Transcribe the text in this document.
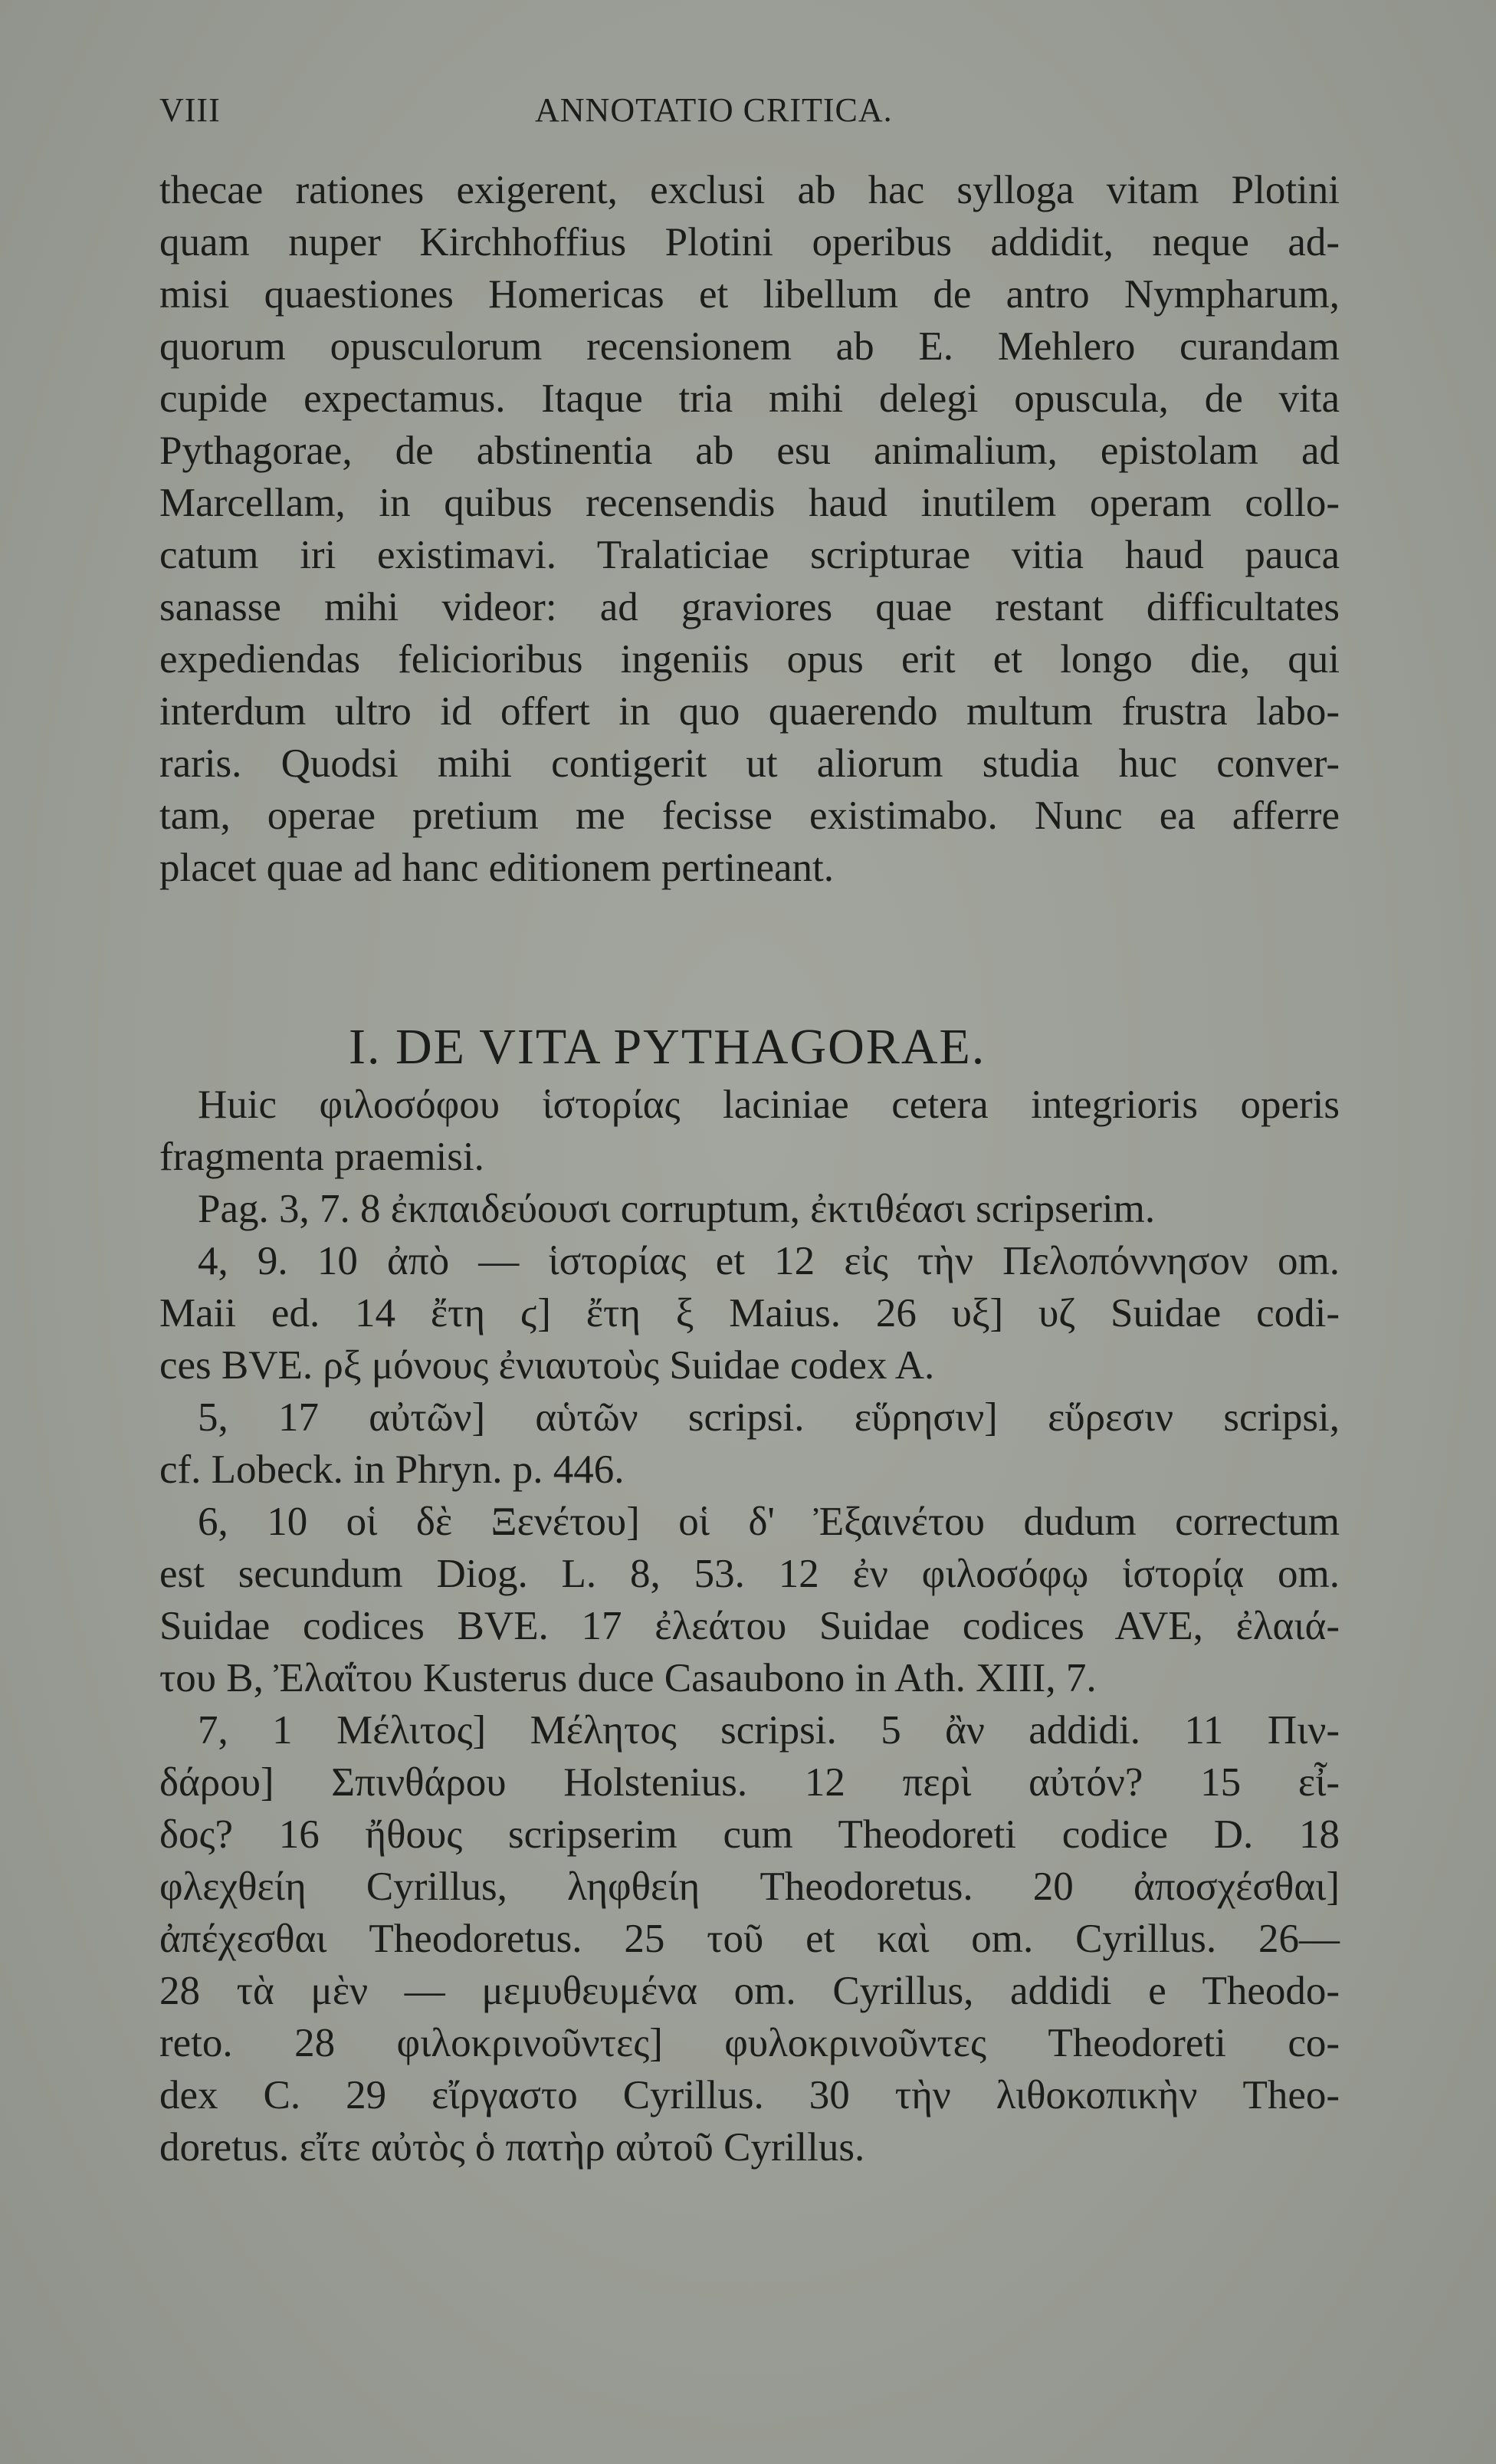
VIII	ANNOTATIO CRITICA.
thecae rationes exigerent, exclusi ab hac sylloga vitam Plotini
quam nuper Kirchhoffius Plotini operibus addidit, neque ad-
misi quaestiones Homericas et libellum de antro Nympharum,
quorum opusculorum recensionem ab E. Mehlero curandam
cupide expectamus. Itaque tria mihi delegi opuscula, de vita
Pythagorae, de abstinentia ab esu animalium, epistolam ad
Marcellam, in quibus recensendis haud inutilem operam collo-
catum iri existimavi. Tralaticiae scripturae vitia haud pauca
sanasse mihi videor: ad graviores quae restant difficultates
expediendas felicioribus ingeniis opus erit et longo die, qui
interdum ultro id offert in quo quaerendo multum frustra labo-
raris. Quodsi mihi contigerit ut aliorum studia huc conver-
tam, operae pretium me fecisse existimabo. Nunc ea afferre
placet quae ad hanc editionem pertineant.
I. DE VITA PYTHAGORAE.
Huic φιλοσόφου ἱστορίας laciniae cetera integrioris operis
fragmenta praemisi.
Pag. 3, 7. 8 ἐκπαιδεύουσι corruptum, ἐκτιθέασι scripserim.
4, 9. 10 ἀπὸ — ἱστορίας et 12 εἰς τὴν Πελοπόννησον om.
Maii ed. 14 ἔτη ϛ] ἔτη ξ Maius. 26 υξ] υζ Suidae codi-
ces BVE. ρξ μόνους ἐνιαυτοὺς Suidae codex A.
5, 17 αὐτῶν] αὑτῶν scripsi. εὕρησιν] εὕρεσιν scripsi,
cf. Lobeck. in Phryn. p. 446.
6, 10 οἱ δὲ Ξενέτου] οἱ δ' Ἐξαινέτου dudum correctum
est secundum Diog. L. 8, 53. 12 ἐν φιλοσόφῳ ἱστορίᾳ om.
Suidae codices BVE. 17 ἐλεάτου Suidae codices AVE, ἐλαιά-
του B, Ἐλαΐτου Kusterus duce Casaubono in Ath. XIII, 7.
7, 1 Μέλιτος] Μέλητος scripsi. 5 ἂν addidi. 11 Πιν-
δάρου] Σπινθάρου Holstenius. 12 περὶ αὐτόν? 15 εἶ-
δος? 16 ἤθους scripserim cum Theodoreti codice D. 18
φλεχθείη Cyrillus, ληφθείη Theodoretus. 20 ἀποσχέσθαι]
ἀπέχεσθαι Theodoretus. 25 τοῦ et καὶ om. Cyrillus. 26—
28 τὰ μὲν — μεμυθευμένα om. Cyrillus, addidi e Theodo-
reto. 28 φιλοκρινοῦντες] φυλοκρινοῦντες Theodoreti co-
dex C. 29 εἴργαστο Cyrillus. 30 τὴν λιθοκοπικὴν Theo-
doretus. εἴτε αὐτὸς ὁ πατὴρ αὐτοῦ Cyrillus.
